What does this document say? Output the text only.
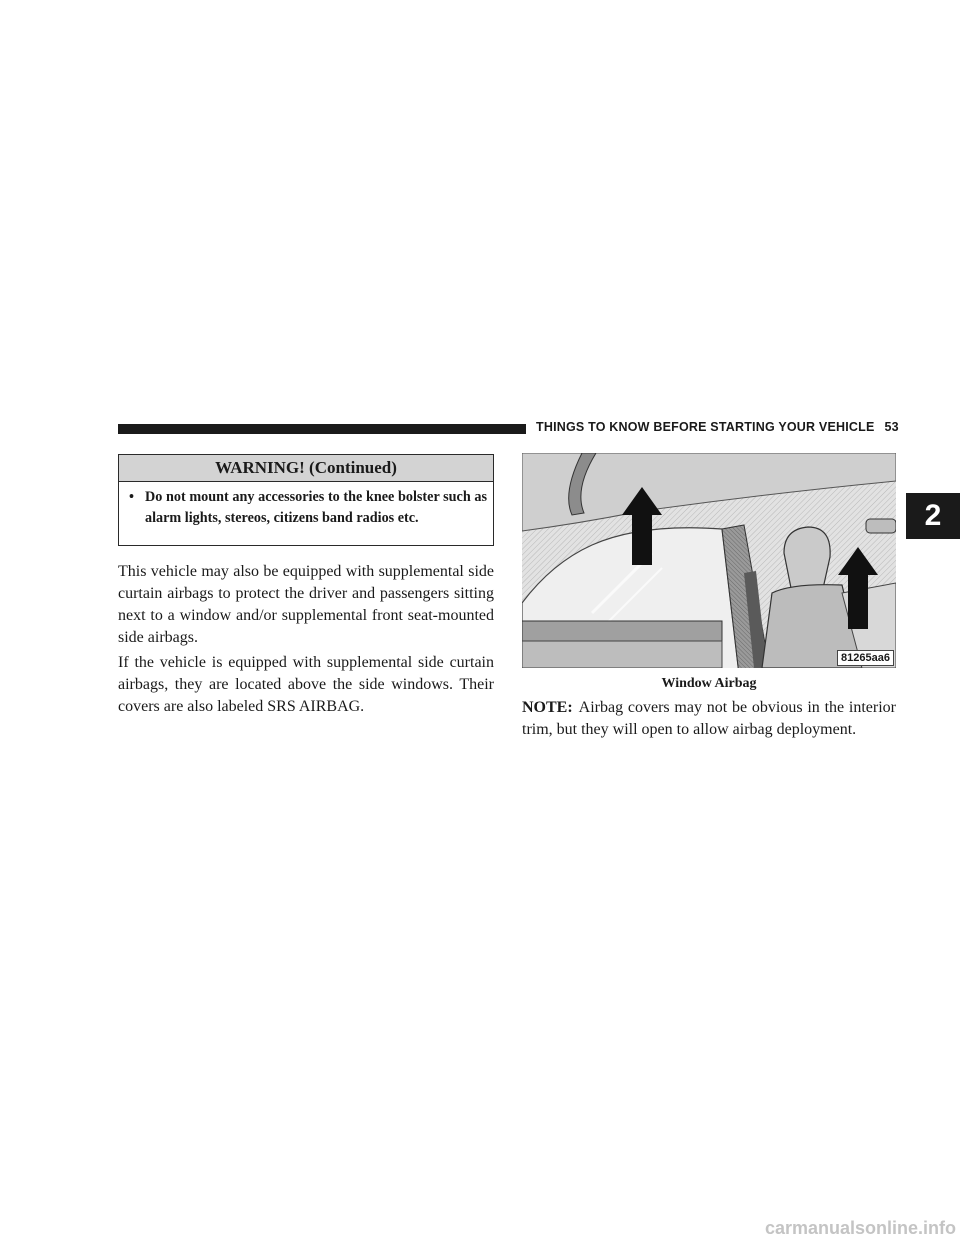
THINGS TO KNOW BEFORE STARTING YOUR VEHICLE 53
2
WARNING! (Continued)
• Do not mount any accessories to the knee bolster such as alarm lights, stereos, citizens band radios etc.

This vehicle may also be equipped with supplemental side curtain airbags to protect the driver and passengers sitting next to a window and/or supplemental front seat-mounted side airbags.

If the vehicle is equipped with supplemental side curtain airbags, they are located above the side windows. Their covers are also labeled SRS AIRBAG.

81265aa6
Window Airbag

NOTE: Airbag covers may not be obvious in the interior trim, but they will open to allow airbag deployment.

carmanualsonline.info
